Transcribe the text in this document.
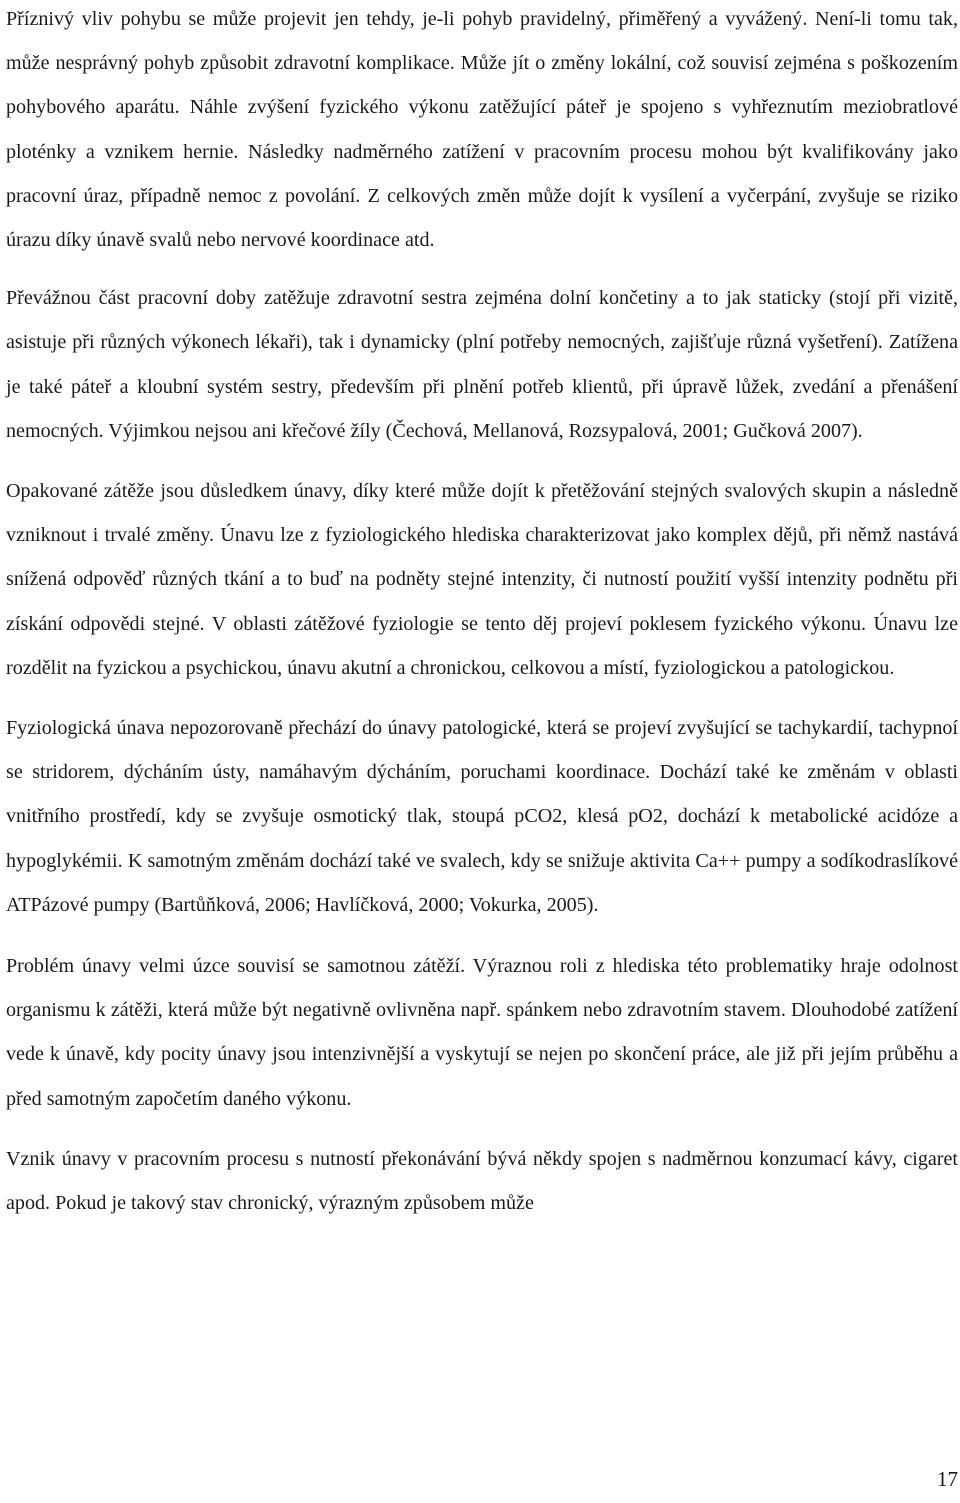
Příznivý vliv pohybu se může projevit jen tehdy, je-li pohyb pravidelný, přiměřený a vyvážený. Není-li tomu tak, může nesprávný pohyb způsobit zdravotní komplikace. Může jít o změny lokální, což souvisí zejména s poškozením pohybového aparátu. Náhle zvýšení fyzického výkonu zatěžující páteř je spojeno s vyhřeznutím meziobratlové ploténky a vznikem hernie. Následky nadměrného zatížení v pracovním procesu mohou být kvalifikovány jako pracovní úraz, případně nemoc z povolání. Z celkových změn může dojít k vysílení a vyčerpání, zvyšuje se riziko úrazu díky únavě svalů nebo nervové koordinace atd.

Převážnou část pracovní doby zatěžuje zdravotní sestra zejména dolní končetiny a to jak staticky (stojí při vizitě, asistuje při různých výkonech lékaři), tak i dynamicky (plní potřeby nemocných, zajišťuje různá vyšetření). Zatížena je také páteř a kloubní systém sestry, především při plnění potřeb klientů, při úpravě lůžek, zvedání a přenášení nemocných. Výjimkou nejsou ani křečové žíly (Čechová, Mellanová, Rozsypalová, 2001; Gučková 2007).

Opakované zátěže jsou důsledkem únavy, díky které může dojít k přetěžování stejných svalových skupin a následně vzniknout i trvalé změny. Únavu lze z fyziologického hlediska charakterizovat jako komplex dějů, při němž nastává snížená odpověď různých tkání a to buď na podněty stejné intenzity, či nutností použití vyšší intenzity podnětu při získání odpovědi stejné. V oblasti zátěžové fyziologie se tento děj projeví poklesem fyzického výkonu. Únavu lze rozdělit na fyzickou a psychickou, únavu akutní a chronickou, celkovou a místí, fyziologickou a patologickou.

Fyziologická únava nepozorovaně přechází do únavy patologické, která se projeví zvyšující se tachykardií, tachypnoí se stridorem, dýcháním ústy, namáhavým dýcháním, poruchami koordinace. Dochází také ke změnám v oblasti vnitřního prostředí, kdy se zvyšuje osmotický tlak, stoupá pCO2, klesá pO2, dochází k metabolické acidóze a hypoglykémii. K samotným změnám dochází také ve svalech, kdy se snižuje aktivita Ca++ pumpy a sodíkodraslíkové ATPázové pumpy (Bartůňková, 2006; Havlíčková, 2000; Vokurka, 2005).

Problém únavy velmi úzce souvisí se samotnou zátěží. Výraznou roli z hlediska této problematiky hraje odolnost organismu k zátěži, která může být negativně ovlivněna např. spánkem nebo zdravotním stavem. Dlouhodobé zatížení vede k únavě, kdy pocity únavy jsou intenzivnější a vyskytují se nejen po skončení práce, ale již při jejím průběhu a před samotným započetím daného výkonu.

Vznik únavy v pracovním procesu s nutností překonávání bývá někdy spojen s nadměrnou konzumací kávy, cigaret apod. Pokud je takový stav chronický, výrazným způsobem může

17
